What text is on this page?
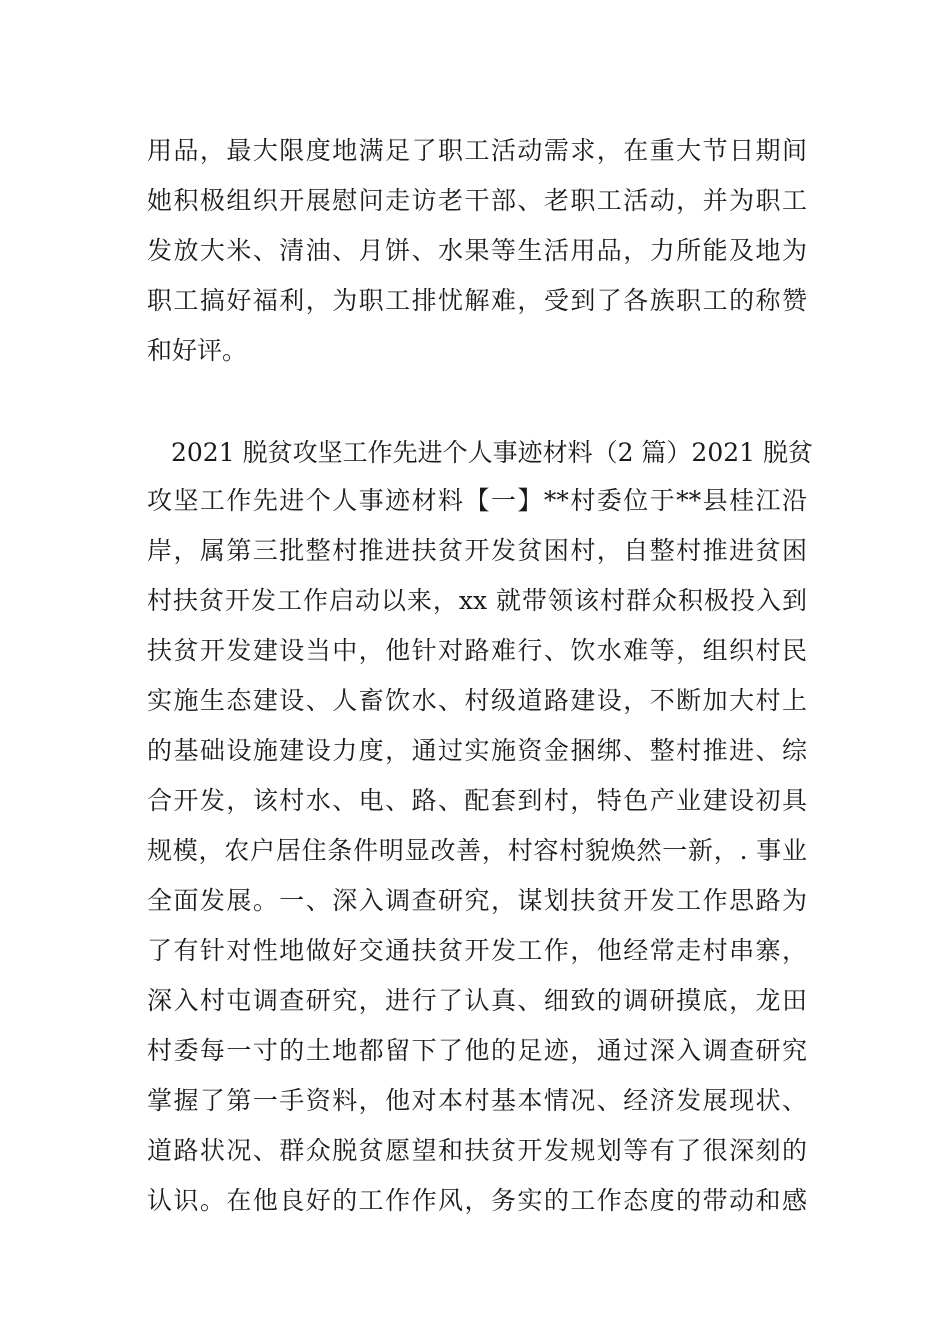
用品，最大限度地满足了职工活动需求，在重大节日期间
她积极组织开展慰问走访老干部、老职工活动，并为职工
发放大米、清油、月饼、水果等生活用品，力所能及地为
职工搞好福利，为职工排忧解难，受到了各族职工的称赞
和好评。
2021 脱贫攻坚工作先进个人事迹材料（2 篇）2021 脱贫
攻坚工作先进个人事迹材料【一】**村委位于**县桂江沿
岸，属第三批整村推进扶贫开发贫困村，自整村推进贫困
村扶贫开发工作启动以来，xx 就带领该村群众积极投入到
扶贫开发建设当中，他针对路难行、饮水难等，组织村民
实施生态建设、人畜饮水、村级道路建设，不断加大村上
的基础设施建设力度，通过实施资金捆绑、整村推进、综
合开发，该村水、电、路、配套到村，特色产业建设初具
规模，农户居住条件明显改善，村容村貌焕然一新，. 事业
全面发展。一、深入调查研究，谋划扶贫开发工作思路为
了有针对性地做好交通扶贫开发工作，他经常走村串寨，
深入村屯调查研究，进行了认真、细致的调研摸底，龙田
村委每一寸的土地都留下了他的足迹，通过深入调查研究
掌握了第一手资料，他对本村基本情况、经济发展现状、
道路状况、群众脱贫愿望和扶贫开发规划等有了很深刻的
认识。在他良好的工作作风，务实的工作态度的带动和感
